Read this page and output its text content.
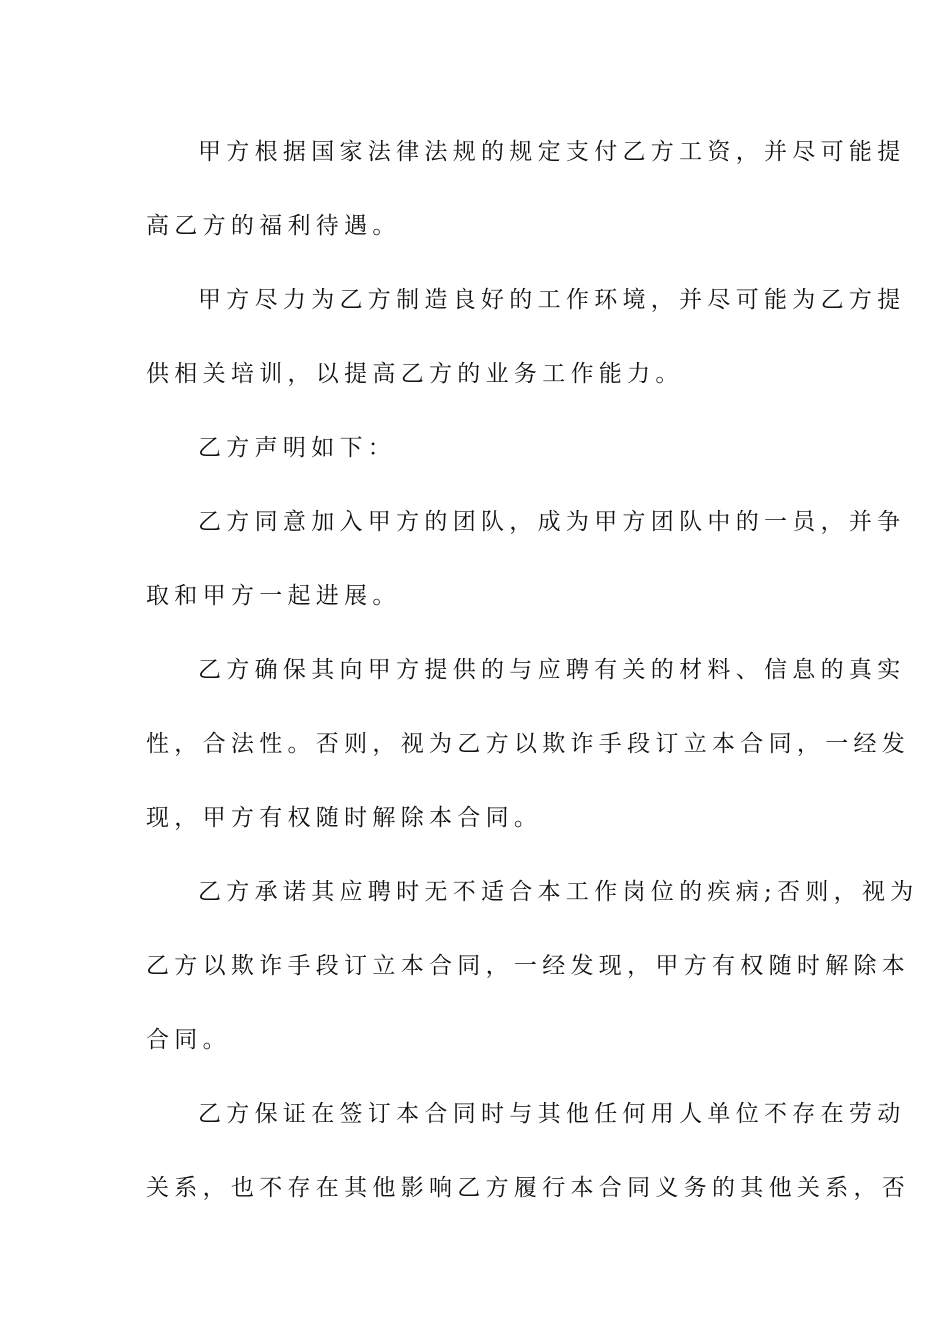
甲方根据国家法律法规的规定支付乙方工资，并尽可能提
高乙方的福利待遇。
甲方尽力为乙方制造良好的工作环境，并尽可能为乙方提
供相关培训，以提高乙方的业务工作能力。
乙方声明如下：
乙方同意加入甲方的团队，成为甲方团队中的一员，并争
取和甲方一起进展。
乙方确保其向甲方提供的与应聘有关的材料、信息的真实
性，合法性。否则，视为乙方以欺诈手段订立本合同，一经发
现，甲方有权随时解除本合同。
乙方承诺其应聘时无不适合本工作岗位的疾病;否则，视为
乙方以欺诈手段订立本合同，一经发现，甲方有权随时解除本
合同。
乙方保证在签订本合同时与其他任何用人单位不存在劳动
关系，也不存在其他影响乙方履行本合同义务的其他关系，否
